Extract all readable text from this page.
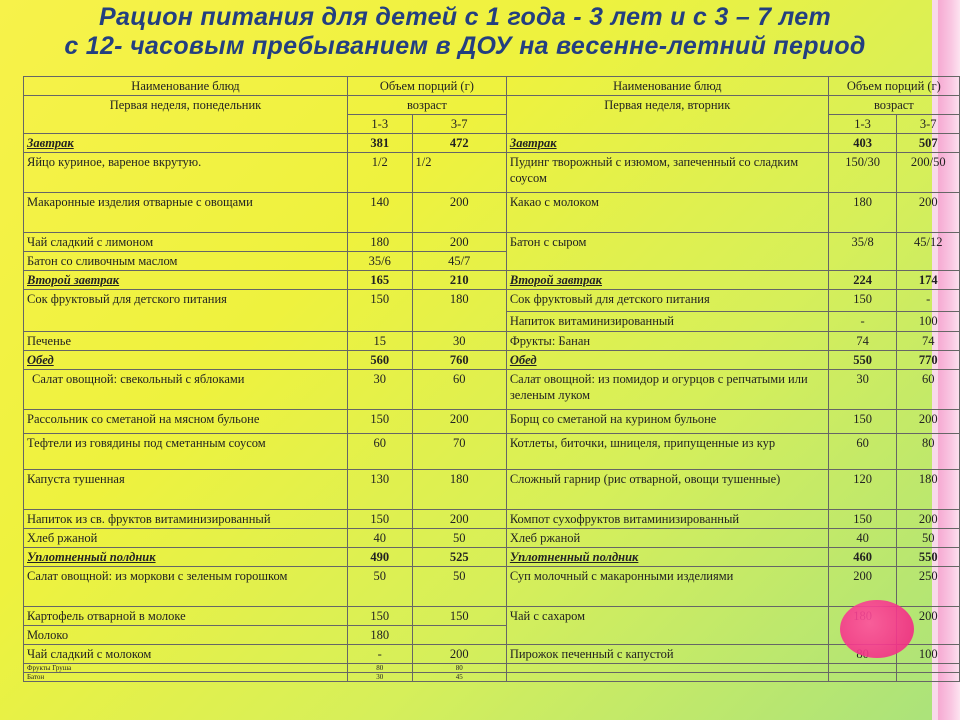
Рацион питания для детей с 1 года - 3 лет и с 3 – 7 лет
с 12- часовым пребыванием в ДОУ на весенне-летний период
Наименование блюд	Объем порций (г)		Наименование блюд	Объем порций (г)	
Первая неделя, понедельник	возраст		Первая неделя, вторник	возраст	
	1-3	3-7		1-3	3-7
Завтрак	381	472	Завтрак	403	507
Яйцо куриное, вареное вкрутую.	1/2	1/2	Пудинг творожный с изюмом, запеченный со сладким соусом	150/30	200/50
Макаронные изделия отварные с овощами	140	200	Какао с молоком	180	200
Чай сладкий с лимоном	180	200	Батон с сыром	35/8	45/12
Батон со сливочным маслом	35/6	45/7			
Второй завтрак	165	210	Второй завтрак	224	174
Сок фруктовый для детского питания	150	180	Сок фруктовый для детского питания	150	-
			Напиток витаминизированный	-	100
Печенье	15	30	Фрукты: Банан	74	74
Обед	560	760	Обед	550	770
Салат овощной: свекольный с яблоками	30	60	Салат овощной: из помидор и огурцов с репчатыми или зеленым луком	30	60
Рассольник со сметаной на мясном бульоне	150	200	Борщ со сметаной на курином бульоне	150	200
Тефтели из говядины под сметанным соусом	60	70	Котлеты, биточки, шницеля, припущенные из кур	60	80
Капуста тушенная	130	180	Сложный гарнир (рис отварной, овощи тушенные)	120	180
Напиток из св. фруктов витаминизированный	150	200	Компот сухофруктов витаминизированный	150	200
Хлеб ржаной	40	50	Хлеб ржаной	40	50
Уплотненный полдник	490	525	Уплотненный полдник	460	550
Салат овощной: из моркови с зеленым горошком	50	50	Суп молочный с макаронными изделиями	200	250
Картофель отварной в молоке	150	150	Чай с сахаром		200
Молоко	180				
Чай сладкий с молоком	-	200	Пирожок печенный с капустой		100
Фрукты Груша	80	80			
Батон	30	45			
